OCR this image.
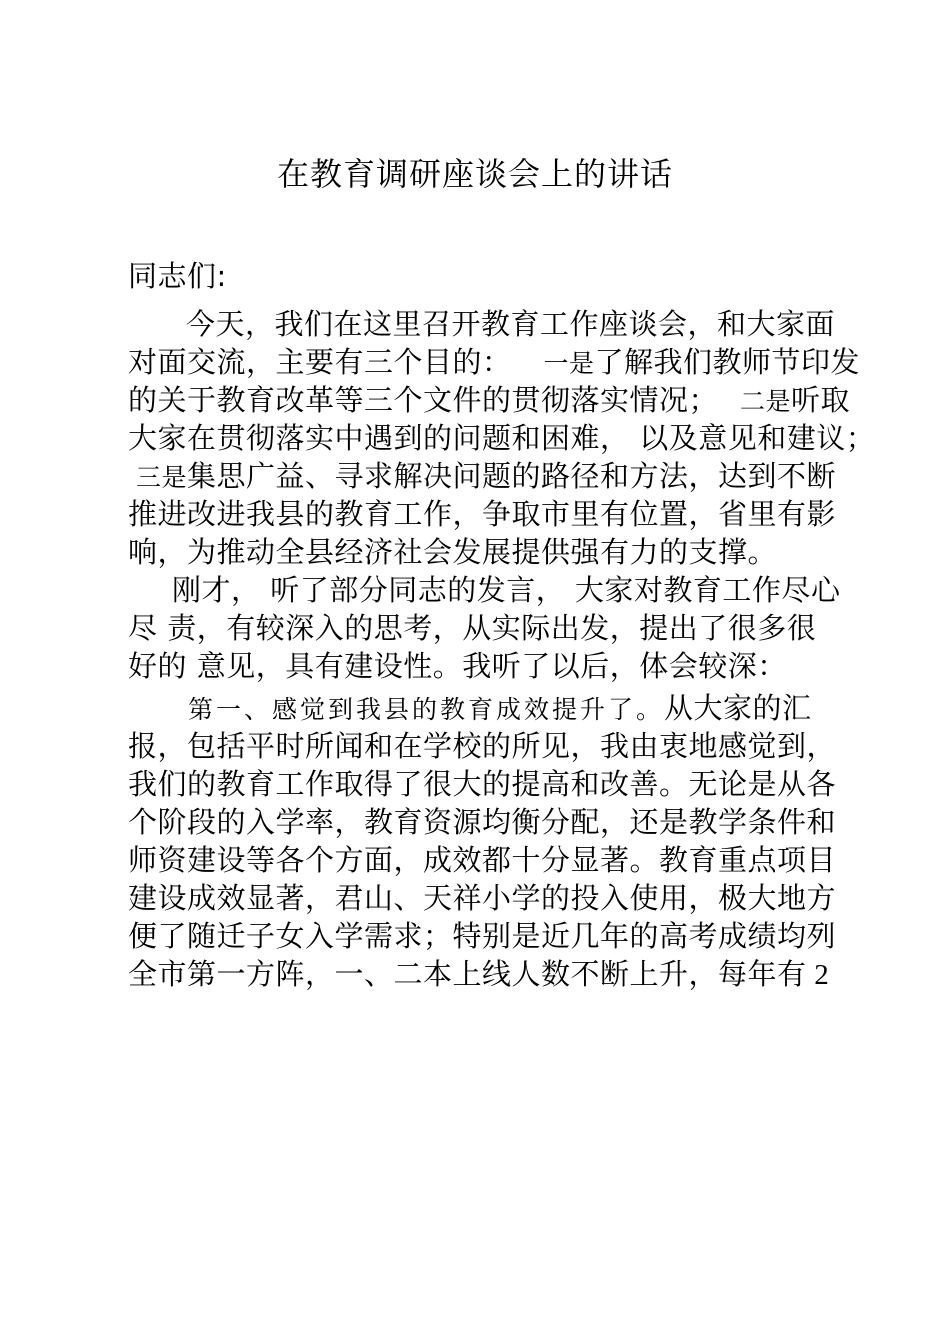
在教育调研座谈会上的讲话
同志们:
今天，我们在这里召开教育工作座谈会，和大家面
对面交流，主要有三个目的： 一是了解我们教师节印发
的关于教育改革等三个文件的贯彻落实情况； 二是听取
大家在贯彻落实中遇到的问题和困难， 以及意见和建议；
三是集思广益、寻求解决问题的路径和方法，达到不断
推进改进我县的教育工作，争取市里有位置，省里有影
响，为推动全县经济社会发展提供强有力的支撑。
刚才， 听了部分同志的发言， 大家对教育工作尽心
尽 责，有较深入的思考，从实际出发，提出了很多很
好的 意见，具有建设性。我听了以后，体会较深：
第一、感觉到我县的教育成效提升了。从大家的汇
报，包括平时所闻和在学校的所见，我由衷地感觉到，
我们的教育工作取得了很大的提高和改善。无论是从各
个阶段的入学率，教育资源均衡分配，还是教学条件和
师资建设等各个方面，成效都十分显著。教育重点项目
建设成效显著，君山、天祥小学的投入使用，极大地方
便了随迁子女入学需求；特别是近几年的高考成绩均列
全市第一方阵，一、二本上线人数不断上升，每年有 2
